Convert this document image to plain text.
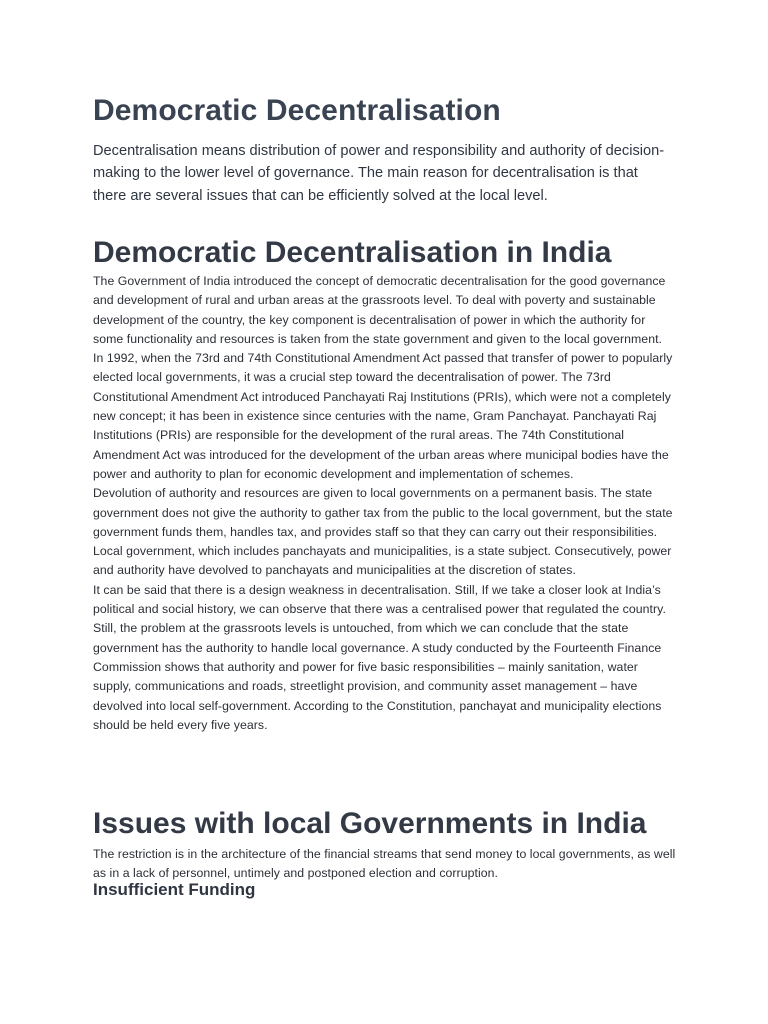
Democratic Decentralisation

Decentralisation means distribution of power and responsibility and authority of decision-making to the lower level of governance. The main reason for decentralisation is that there are several issues that can be efficiently solved at the local level.

Democratic Decentralisation in India

The Government of India introduced the concept of democratic decentralisation for the good governance and development of rural and urban areas at the grassroots level. To deal with poverty and sustainable development of the country, the key component is decentralisation of power in which the authority for some functionality and resources is taken from the state government and given to the local government.

In 1992, when the 73rd and 74th Constitutional Amendment Act passed that transfer of power to popularly elected local governments, it was a crucial step toward the decentralisation of power. The 73rd Constitutional Amendment Act introduced Panchayati Raj Institutions (PRIs), which were not a completely new concept; it has been in existence since centuries with the name, Gram Panchayat. Panchayati Raj Institutions (PRIs) are responsible for the development of the rural areas. The 74th Constitutional Amendment Act was introduced for the development of the urban areas where municipal bodies have the power and authority to plan for economic development and implementation of schemes.

Devolution of authority and resources are given to local governments on a permanent basis. The state government does not give the authority to gather tax from the public to the local government, but the state government funds them, handles tax, and provides staff so that they can carry out their responsibilities. Local government, which includes panchayats and municipalities, is a state subject. Consecutively, power and authority have devolved to panchayats and municipalities at the discretion of states.

It can be said that there is a design weakness in decentralisation. Still, If we take a closer look at India’s political and social history, we can observe that there was a centralised power that regulated the country. Still, the problem at the grassroots levels is untouched, from which we can conclude that the state government has the authority to handle local governance. A study conducted by the Fourteenth Finance Commission shows that authority and power for five basic responsibilities – mainly sanitation, water supply, communications and roads, streetlight provision, and community asset management – have devolved into local self-government. According to the Constitution, panchayat and municipality elections should be held every five years.

Issues with local Governments in India

The restriction is in the architecture of the financial streams that send money to local governments, as well as in a lack of personnel, untimely and postponed election and corruption.

Insufficient Funding
